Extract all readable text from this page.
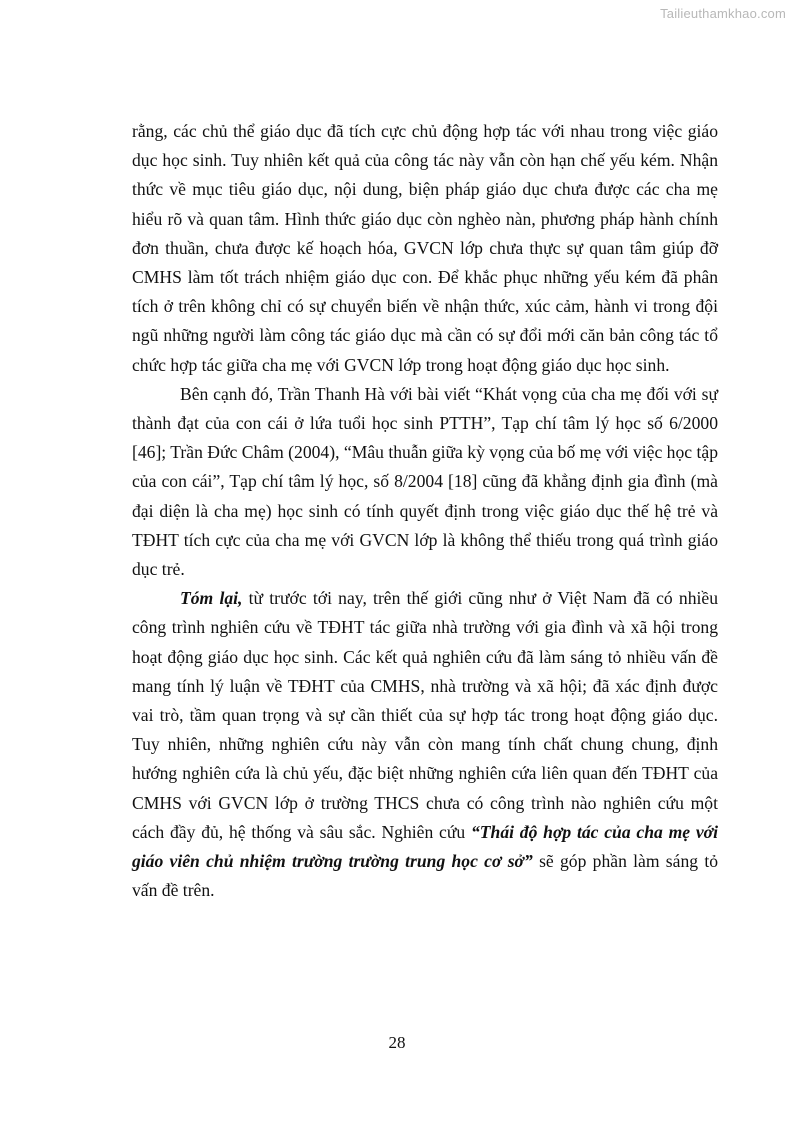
Tailieuthamkhao.com

rằng, các chủ thể giáo dục đã tích cực chủ động hợp tác với nhau trong việc giáo dục học sinh. Tuy nhiên kết quả của công tác này vẫn còn hạn chế yếu kém. Nhận thức về mục tiêu giáo dục, nội dung, biện pháp giáo dục chưa được các cha mẹ hiểu rõ và quan tâm. Hình thức giáo dục còn nghèo nàn, phương pháp hành chính đơn thuần, chưa được kế hoạch hóa, GVCN lớp chưa thực sự quan tâm giúp đỡ CMHS làm tốt trách nhiệm giáo dục con. Để khắc phục những yếu kém đã phân tích ở trên không chỉ có sự chuyển biến về nhận thức, xúc cảm, hành vi trong đội ngũ những người làm công tác giáo dục mà cần có sự đổi mới căn bản công tác tổ chức hợp tác giữa cha mẹ với GVCN lớp trong hoạt động giáo dục học sinh.

Bên cạnh đó, Trần Thanh Hà với bài viết “Khát vọng của cha mẹ đối với sự thành đạt của con cái ở lứa tuổi học sinh PTTH”, Tạp chí tâm lý học số 6/2000 [46]; Trần Đức Châm (2004), “Mâu thuẫn giữa kỳ vọng của bố mẹ với việc học tập của con cái”, Tạp chí tâm lý học, số 8/2004 [18] cũng đã khẳng định gia đình (mà đại diện là cha mẹ) học sinh có tính quyết định trong việc giáo dục thế hệ trẻ và TĐHT tích cực của cha mẹ với GVCN lớp là không thể thiếu trong quá trình giáo dục trẻ.

Tóm lại, từ trước tới nay, trên thế giới cũng như ở Việt Nam đã có nhiều công trình nghiên cứu về TĐHT tác giữa nhà trường với gia đình và xã hội trong hoạt động giáo dục học sinh. Các kết quả nghiên cứu đã làm sáng tỏ nhiều vấn đề mang tính lý luận về TĐHT của CMHS, nhà trường và xã hội; đã xác định được vai trò, tầm quan trọng và sự cần thiết của sự hợp tác trong hoạt động giáo dục. Tuy nhiên, những nghiên cứu này vẫn còn mang tính chất chung chung, định hướng nghiên cứa là chủ yếu, đặc biệt những nghiên cứa liên quan đến TĐHT của CMHS với GVCN lớp ở trường THCS chưa có công trình nào nghiên cứu một cách đầy đủ, hệ thống và sâu sắc. Nghiên cứu “Thái độ hợp tác của cha mẹ với giáo viên chủ nhiệm trường trường trung học cơ sở” sẽ góp phần làm sáng tỏ vấn đề trên.

28
